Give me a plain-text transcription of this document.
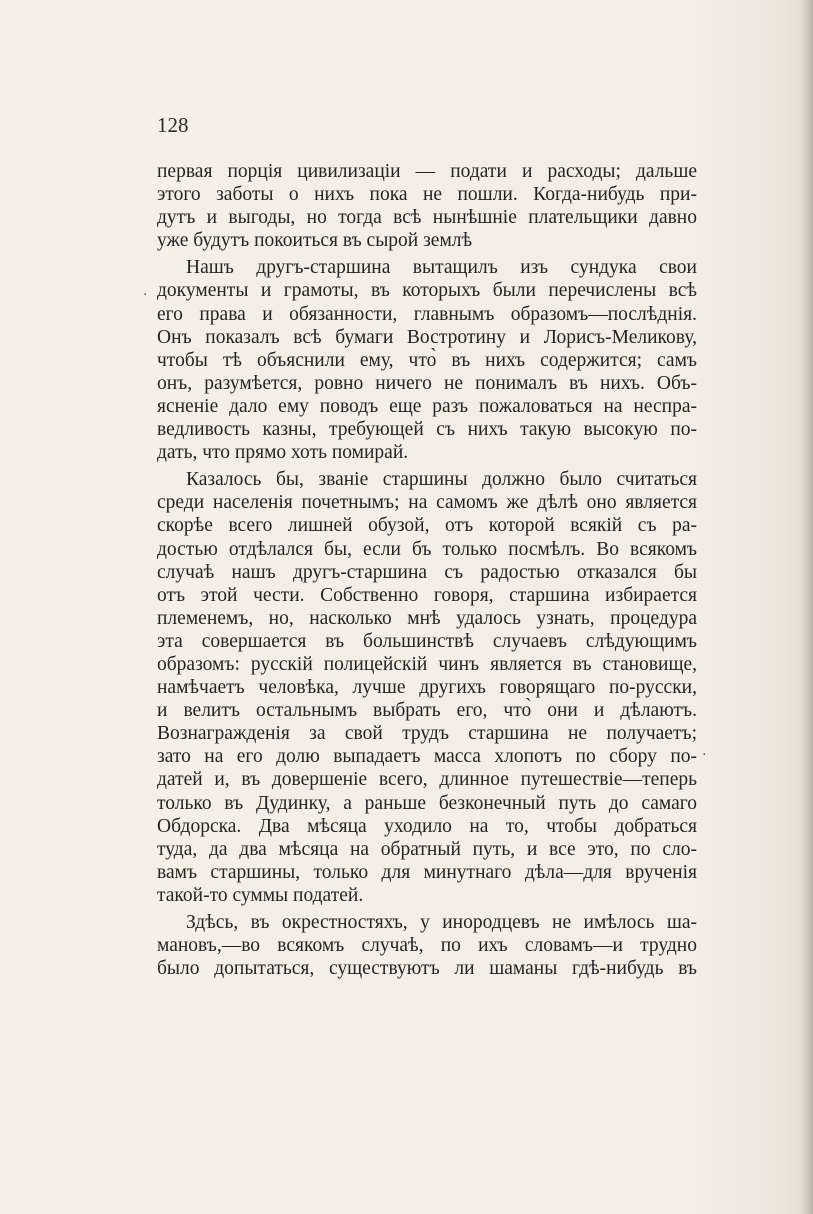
128

первая порція цивилизаціи — подати и расходы; дальше
этого заботы о нихъ пока не пошли. Когда-нибудь при-
дутъ и выгоды, но тогда всѣ нынѣшніе плательщики давно
уже будутъ покоиться въ сырой землѣ
Нашъ другъ-старшина вытащилъ изъ сундука свои
документы и грамоты, въ которыхъ были перечислены всѣ
его права и обязанности, главнымъ образомъ—послѣднія.
Онъ показалъ всѣ бумаги Востротину и Лорисъ-Меликову,
чтобы тѣ объяснили ему, что̀ въ нихъ содержится; самъ
онъ, разумѣется, ровно ничего не понималъ въ нихъ. Объ-
ясненіе дало ему поводъ еще разъ пожаловаться на неспра-
ведливость казны, требующей съ нихъ такую высокую по-
дать, что прямо хоть помирай.
Казалось бы, званіе старшины должно было считаться
среди населенія почетнымъ; на самомъ же дѣлѣ оно является
скорѣе всего лишней обузой, отъ которой всякій съ ра-
достью отдѣлался бы, если бъ только посмѣлъ. Во всякомъ
случаѣ нашъ другъ-старшина съ радостью отказался бы
отъ этой чести. Собственно говоря, старшина избирается
племенемъ, но, насколько мнѣ удалось узнать, процедура
эта совершается въ большинствѣ случаевъ слѣдующимъ
образомъ: русскій полицейскій чинъ является въ становище,
намѣчаетъ человѣка, лучше другихъ говорящаго по-русски,
и велитъ остальнымъ выбрать его, что̀ они и дѣлаютъ.
Вознагражденія за свой трудъ старшина не получаетъ;
зато на его долю выпадаетъ масса хлопотъ по сбору по-
датей и, въ довершеніе всего, длинное путешествіе—теперь
только въ Дудинку, а раньше безконечный путь до самаго
Обдорска. Два мѣсяца уходило на то, чтобы добраться
туда, да два мѣсяца на обратный путь, и все это, по сло-
вамъ старшины, только для минутнаго дѣла—для врученія
такой-то суммы податей.
Здѣсь, въ окрестностяхъ, у инородцевъ не имѣлось ша-
мановъ,—во всякомъ случаѣ, по ихъ словамъ—и трудно
было допытаться, существуютъ ли шаманы гдѣ-нибудь въ
·
·
